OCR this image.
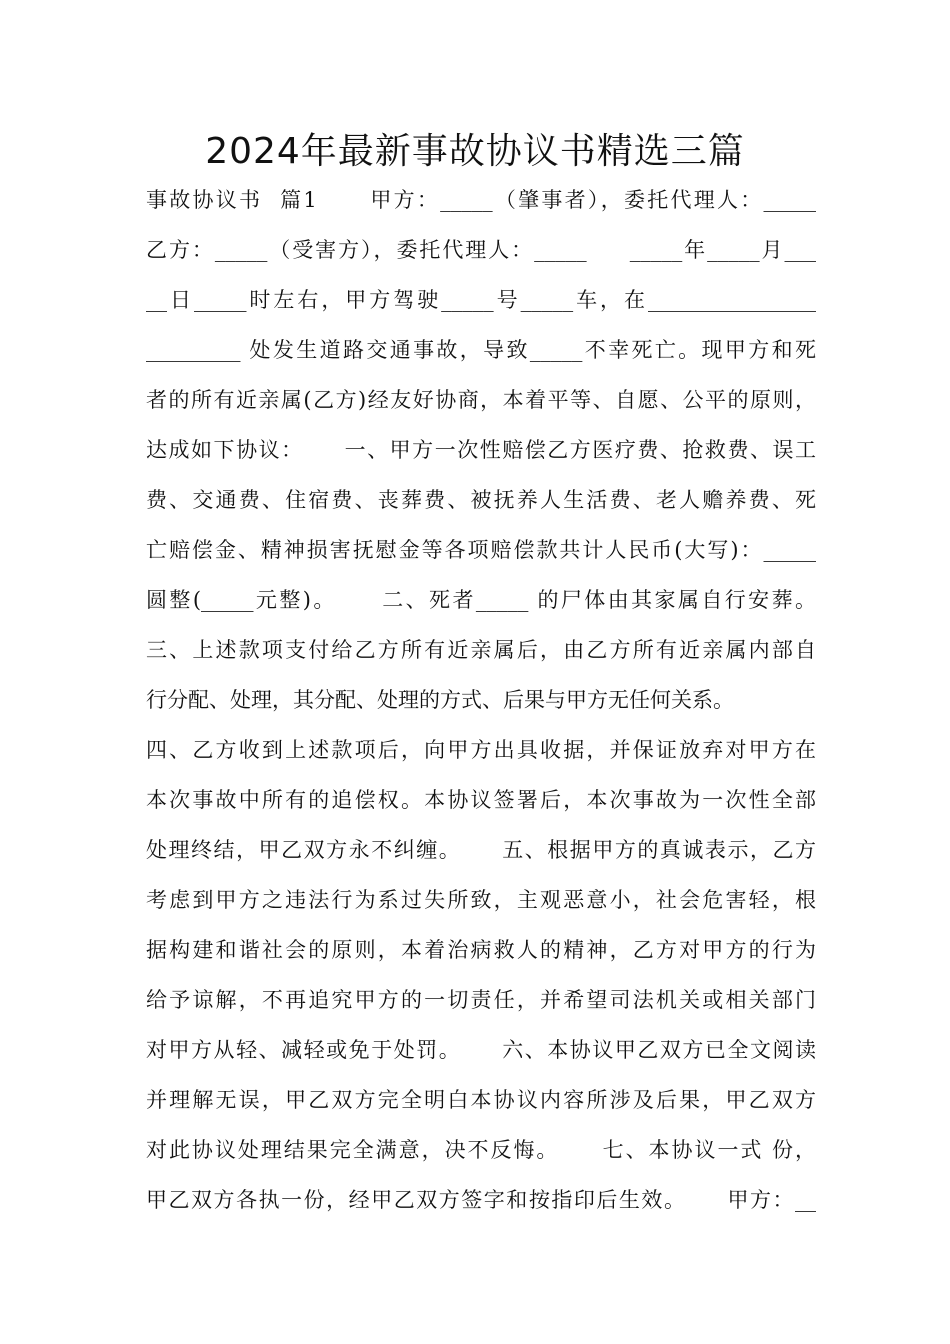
2024年最新事故协议书精选三篇
事故协议书  篇1      甲方：_____（肇事者），委托代理人：_____
乙方：_____（受害方），委托代理人：_____     _____年_____月___
__日_____时左右，甲方驾驶_____号_____车，在________________
_________ 处发生道路交通事故，导致_____不幸死亡。现甲方和死
者的所有近亲属(乙方)经友好协商，本着平等、自愿、公平的原则，
达成如下协议：     一、甲方一次性赔偿乙方医疗费、抢救费、误工
费、交通费、住宿费、丧葬费、被抚养人生活费、老人赡养费、死
亡赔偿金、精神损害抚慰金等各项赔偿款共计人民币(大写)：_____
圆整(_____元整)。     二、死者_____ 的尸体由其家属自行安葬。
三、上述款项支付给乙方所有近亲属后，由乙方所有近亲属内部自
行分配、处理，其分配、处理的方式、后果与甲方无任何关系。
四、乙方收到上述款项后，向甲方出具收据，并保证放弃对甲方在
本次事故中所有的追偿权。本协议签署后，本次事故为一次性全部
处理终结，甲乙双方永不纠缠。     五、根据甲方的真诚表示，乙方
考虑到甲方之违法行为系过失所致，主观恶意小，社会危害轻，根
据构建和谐社会的原则，本着治病救人的精神，乙方对甲方的行为
给予谅解，不再追究甲方的一切责任，并希望司法机关或相关部门
对甲方从轻、减轻或免于处罚。     六、本协议甲乙双方已全文阅读
并理解无误，甲乙双方完全明白本协议内容所涉及后果，甲乙双方
对此协议处理结果完全满意，决不反悔。     七、本协议一式 份，
甲乙双方各执一份，经甲乙双方签字和按指印后生效。     甲方：__
